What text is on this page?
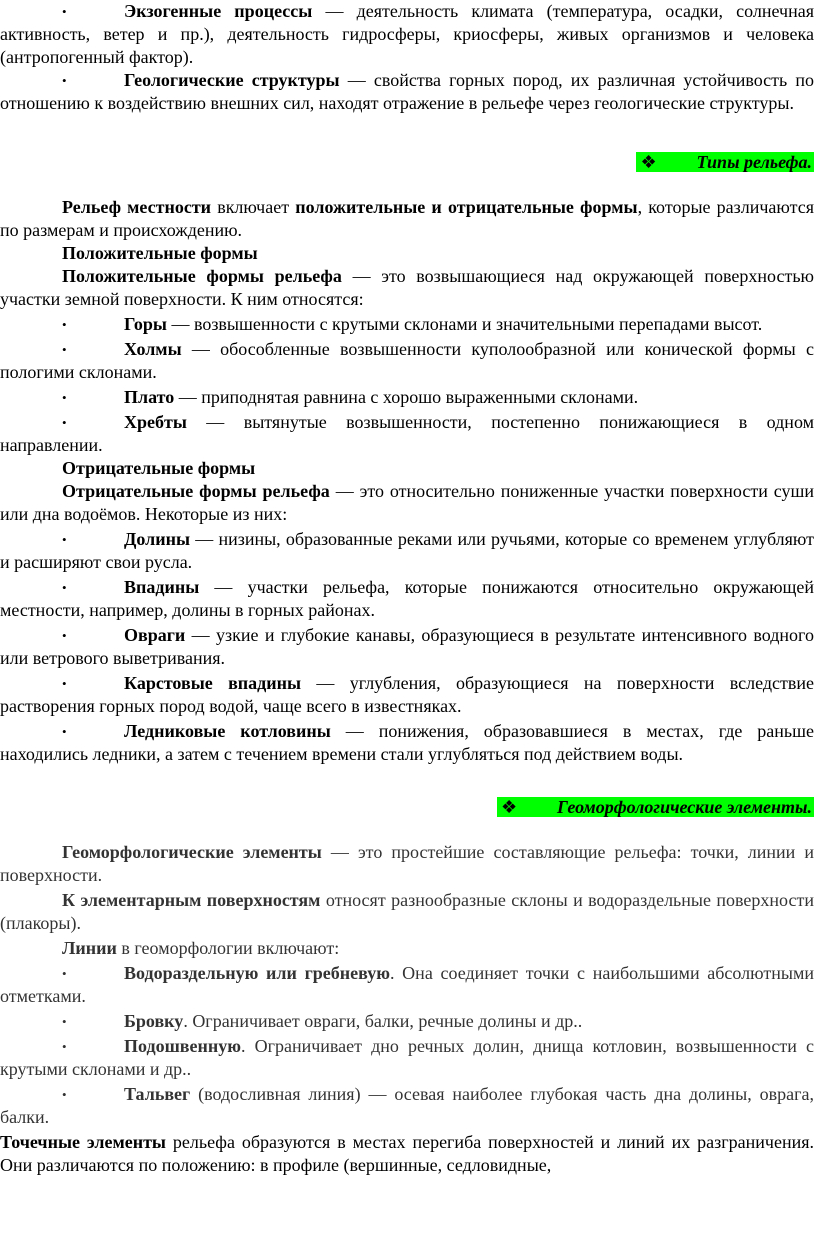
•	Экзогенные процессы — деятельность климата (температура, осадки, солнечная активность, ветер и пр.), деятельность гидросферы, криосферы, живых организмов и человека (антропогенный фактор).

•	Геологические структуры — свойства горных пород, их различная устойчивость по отношению к воздействию внешних сил, находят отражение в рельефе через геологические структуры.

❖ Типы рельефа.

Рельеф местности включает положительные и отрицательные формы, которые различаются по размерам и происхождению.

Положительные формы

Положительные формы рельефа — это возвышающиеся над окружающей поверхностью участки земной поверхности. К ним относятся:

•	Горы — возвышенности с крутыми склонами и значительными перепадами высот.

•	Холмы — обособленные возвышенности куполообразной или конической формы с пологими склонами.

•	Плато — приподнятая равнина с хорошо выраженными склонами.

•	Хребты — вытянутые возвышенности, постепенно понижающиеся в одном направлении.

Отрицательные формы

Отрицательные формы рельефа — это относительно пониженные участки поверхности суши или дна водоёмов. Некоторые из них:

•	Долины — низины, образованные реками или ручьями, которые со временем углубляют и расширяют свои русла.

•	Впадины — участки рельефа, которые понижаются относительно окружающей местности, например, долины в горных районах.

•	Овраги — узкие и глубокие канавы, образующиеся в результате интенсивного водного или ветрового выветривания.

•	Карстовые впадины — углубления, образующиеся на поверхности вследствие растворения горных пород водой, чаще всего в известняках.

•	Ледниковые котловины — понижения, образовавшиеся в местах, где раньше находились ледники, а затем с течением времени стали углубляться под действием воды.

❖ Геоморфологические элементы.

Геоморфологические элементы — это простейшие составляющие рельефа: точки, линии и поверхности.

К элементарным поверхностям относят разнообразные склоны и водораздельные поверхности (плакоры).

Линии в геоморфологии включают:

•	Водораздельную или гребневую. Она соединяет точки с наибольшими абсолютными отметками.

•	Бровку. Ограничивает овраги, балки, речные долины и др..

•	Подошвенную. Ограничивает дно речных долин, днища котловин, возвышенности с крутыми склонами и др..

•	Тальвег (водосливная линия) — осевая наиболее глубокая часть дна долины, оврага, балки.

Точечные элементы рельефа образуются в местах перегиба поверхностей и линий их разграничения. Они различаются по положению: в профиле (вершинные, седловидные,
